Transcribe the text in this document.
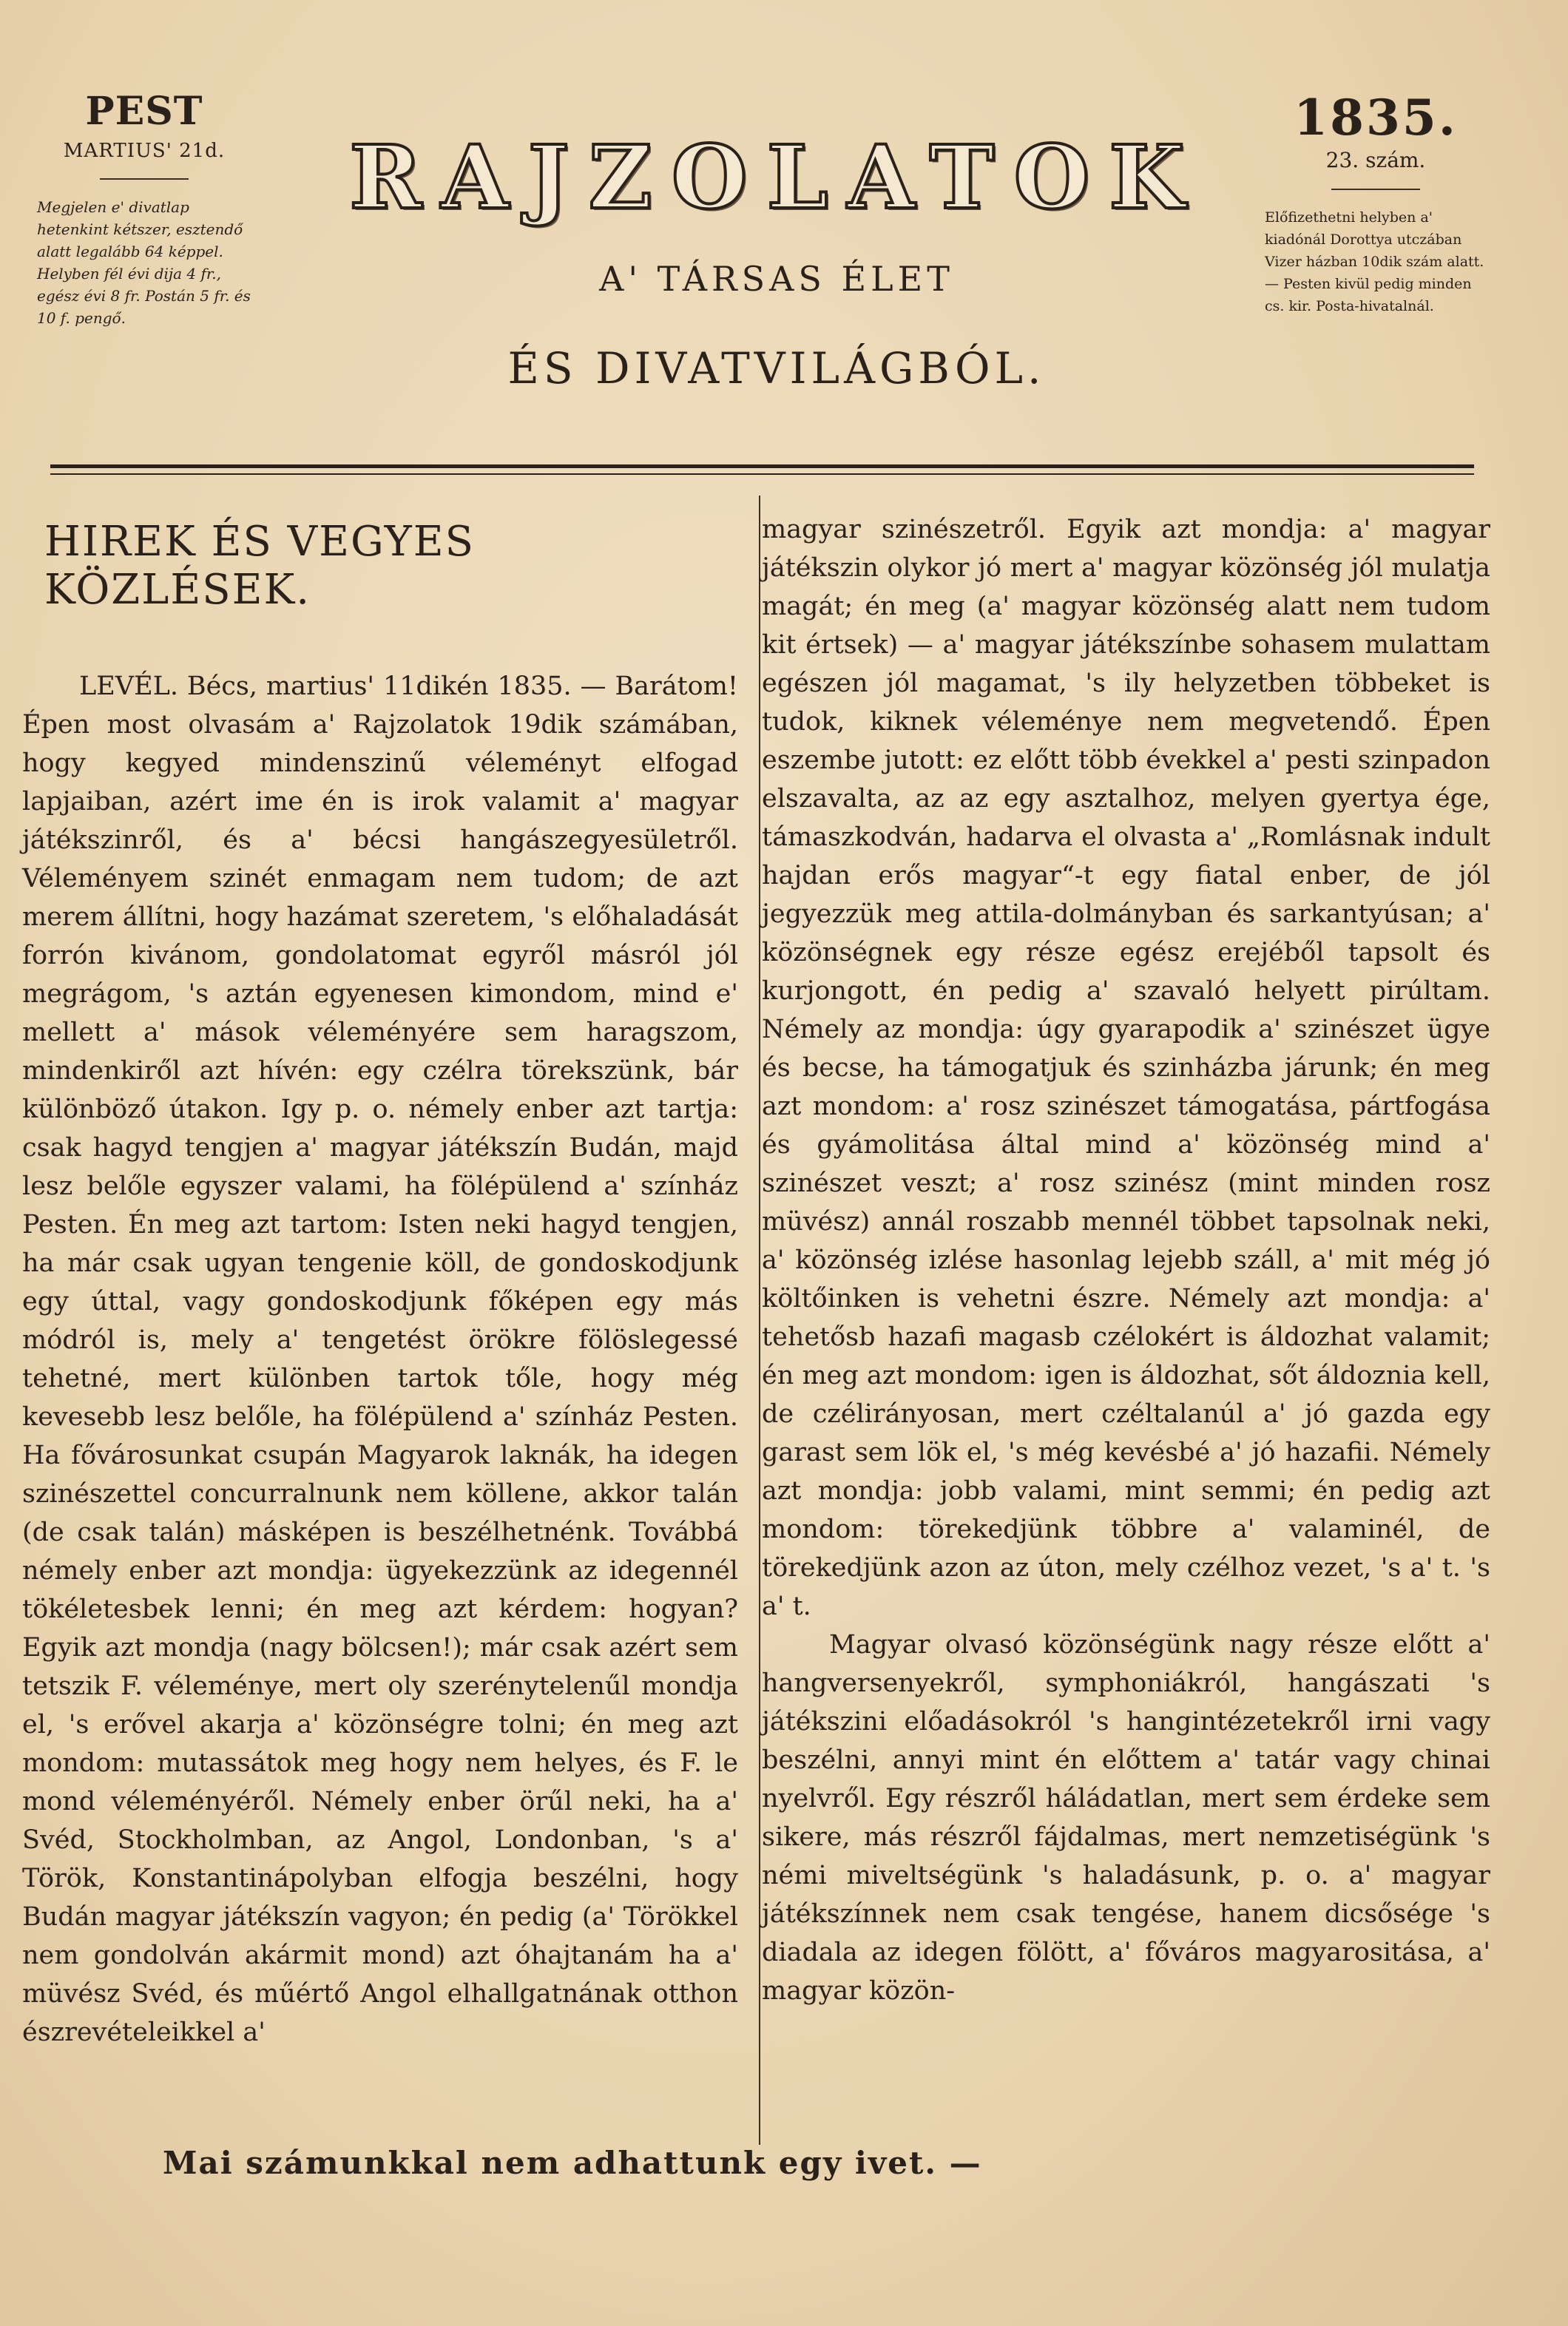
PEST
MARTIUS' 21d.
Megjelen e' divatlap hetenkint kétszer, esztendő alatt legalább 64 képpel. Helyben fél évi dija 4 fr., egész évi 8 fr. Postán 5 fr. és 10 f. pengő.
RAJZOLATOK
A' TÁRSAS ÉLET
ÉS DIVATVILÁGBÓL.
1835.
23. szám.
Előfizethetni helyben a' kiadónál Dorottya utczában Vizer házban 10dik szám alatt. — Pesten kivül pedig minden cs. kir. Posta-hivatalnál.
HIREK ÉS VEGYES KÖZLÉSEK.

LEVÉL. Bécs, martius' 11dikén 1835. — Barátom! Épen most olvasám a' Rajzolatok 19dik számában, hogy kegyed mindenszinű véleményt elfogad lapjaiban, azért ime én is irok valamit a' magyar játékszinről, és a' bécsi hangászegyesületről. Véleményem szinét enmagam nem tudom; de azt merem állítni, hogy hazámat szeretem, 's előhaladását forrón kivánom, gondolatomat egyről másról jól megrágom, 's aztán egyenesen kimondom, mind e' mellett a' mások véleményére sem haragszom, mindenkiről azt hívén: egy czélra törekszünk, bár különböző útakon. Igy p. o. némely enber azt tartja: csak hagyd tengjen a' magyar játékszín Budán, majd lesz belőle egyszer valami, ha fölépülend a' színház Pesten. Én meg azt tartom: Isten neki hagyd tengjen, ha már csak ugyan tengenie köll, de gondoskodjunk egy úttal, vagy gondoskodjunk főképen egy más módról is, mely a' tengetést örökre fölöslegessé tehetné, mert különben tartok tőle, hogy még kevesebb lesz belőle, ha fölépülend a' színház Pesten. Ha fővárosunkat csupán Magyarok laknák, ha idegen szinészettel concurralnunk nem köllene, akkor talán (de csak talán) másképen is beszélhetnénk. Továbbá némely enber azt mondja: ügyekezzünk az idegennél tökéletesbek lenni; én meg azt kérdem: hogyan? Egyik azt mondja (nagy bölcsen!); már csak azért sem tetszik F. véleménye, mert oly szerénytelenűl mondja el, 's erővel akarja a' közönségre tolni; én meg azt mondom: mutassátok meg hogy nem helyes, és F. le mond véleményéről. Némely enber örűl neki, ha a' Svéd, Stockholmban, az Angol, Londonban, 's a' Török, Konstantinápolyban elfogja beszélni, hogy Budán magyar játékszín vagyon; én pedig (a' Törökkel nem gondolván akármit mond) azt óhajtanám ha a' müvész Svéd, és műértő Angol elhallgatnának otthon észrevételeikkel a'

magyar szinészetről. Egyik azt mondja: a' magyar játékszin olykor jó mert a' magyar közönség jól mulatja magát; én meg (a' magyar közönség alatt nem tudom kit értsek) — a' magyar játékszínbe sohasem mulattam egészen jól magamat, 's ily helyzetben többeket is tudok, kiknek véleménye nem megvetendő. Épen eszembe jutott: ez előtt több évekkel a' pesti szinpadon elszavalta, az az egy asztalhoz, melyen gyertya ége, támaszkodván, hadarva el olvasta a' „Romlásnak indult hajdan erős magyar“-t egy fiatal enber, de jól jegyezzük meg attila-dolmányban és sarkantyúsan; a' közönségnek egy része egész erejéből tapsolt és kurjongott, én pedig a' szavaló helyett pirúltam. Némely az mondja: úgy gyarapodik a' szinészet ügye és becse, ha támogatjuk és szinházba járunk; én meg azt mondom: a' rosz szinészet támogatása, pártfogása és gyámolitása által mind a' közönség mind a' szinészet veszt; a' rosz szinész (mint minden rosz müvész) annál roszabb mennél többet tapsolnak neki, a' közönség izlése hasonlag lejebb száll, a' mit még jó költőinken is vehetni észre. Némely azt mondja: a' tehetősb hazafi magasb czélokért is áldozhat valamit; én meg azt mondom: igen is áldozhat, sőt áldoznia kell, de czélirányosan, mert czéltalanúl a' jó gazda egy garast sem lök el, 's még kevésbé a' jó hazafii. Némely azt mondja: jobb valami, mint semmi; én pedig azt mondom: törekedjünk többre a' valaminél, de törekedjünk azon az úton, mely czélhoz vezet, 's a' t. 's a' t.

Magyar olvasó közönségünk nagy része előtt a' hangversenyekről, symphoniákról, hangászati 's játékszini előadásokról 's hangintézetekről irni vagy beszélni, annyi mint én előttem a' tatár vagy chinai nyelvről. Egy részről háládatlan, mert sem érdeke sem sikere, más részről fájdalmas, mert nemzetiségünk 's némi miveltségünk 's haladásunk, p. o. a' magyar játékszínnek nem csak tengése, hanem dicsősége 's diadala az idegen fölött, a' főváros magyarositása, a' magyar közön-

Mai számunkkal nem adhattunk egy ivet. —
